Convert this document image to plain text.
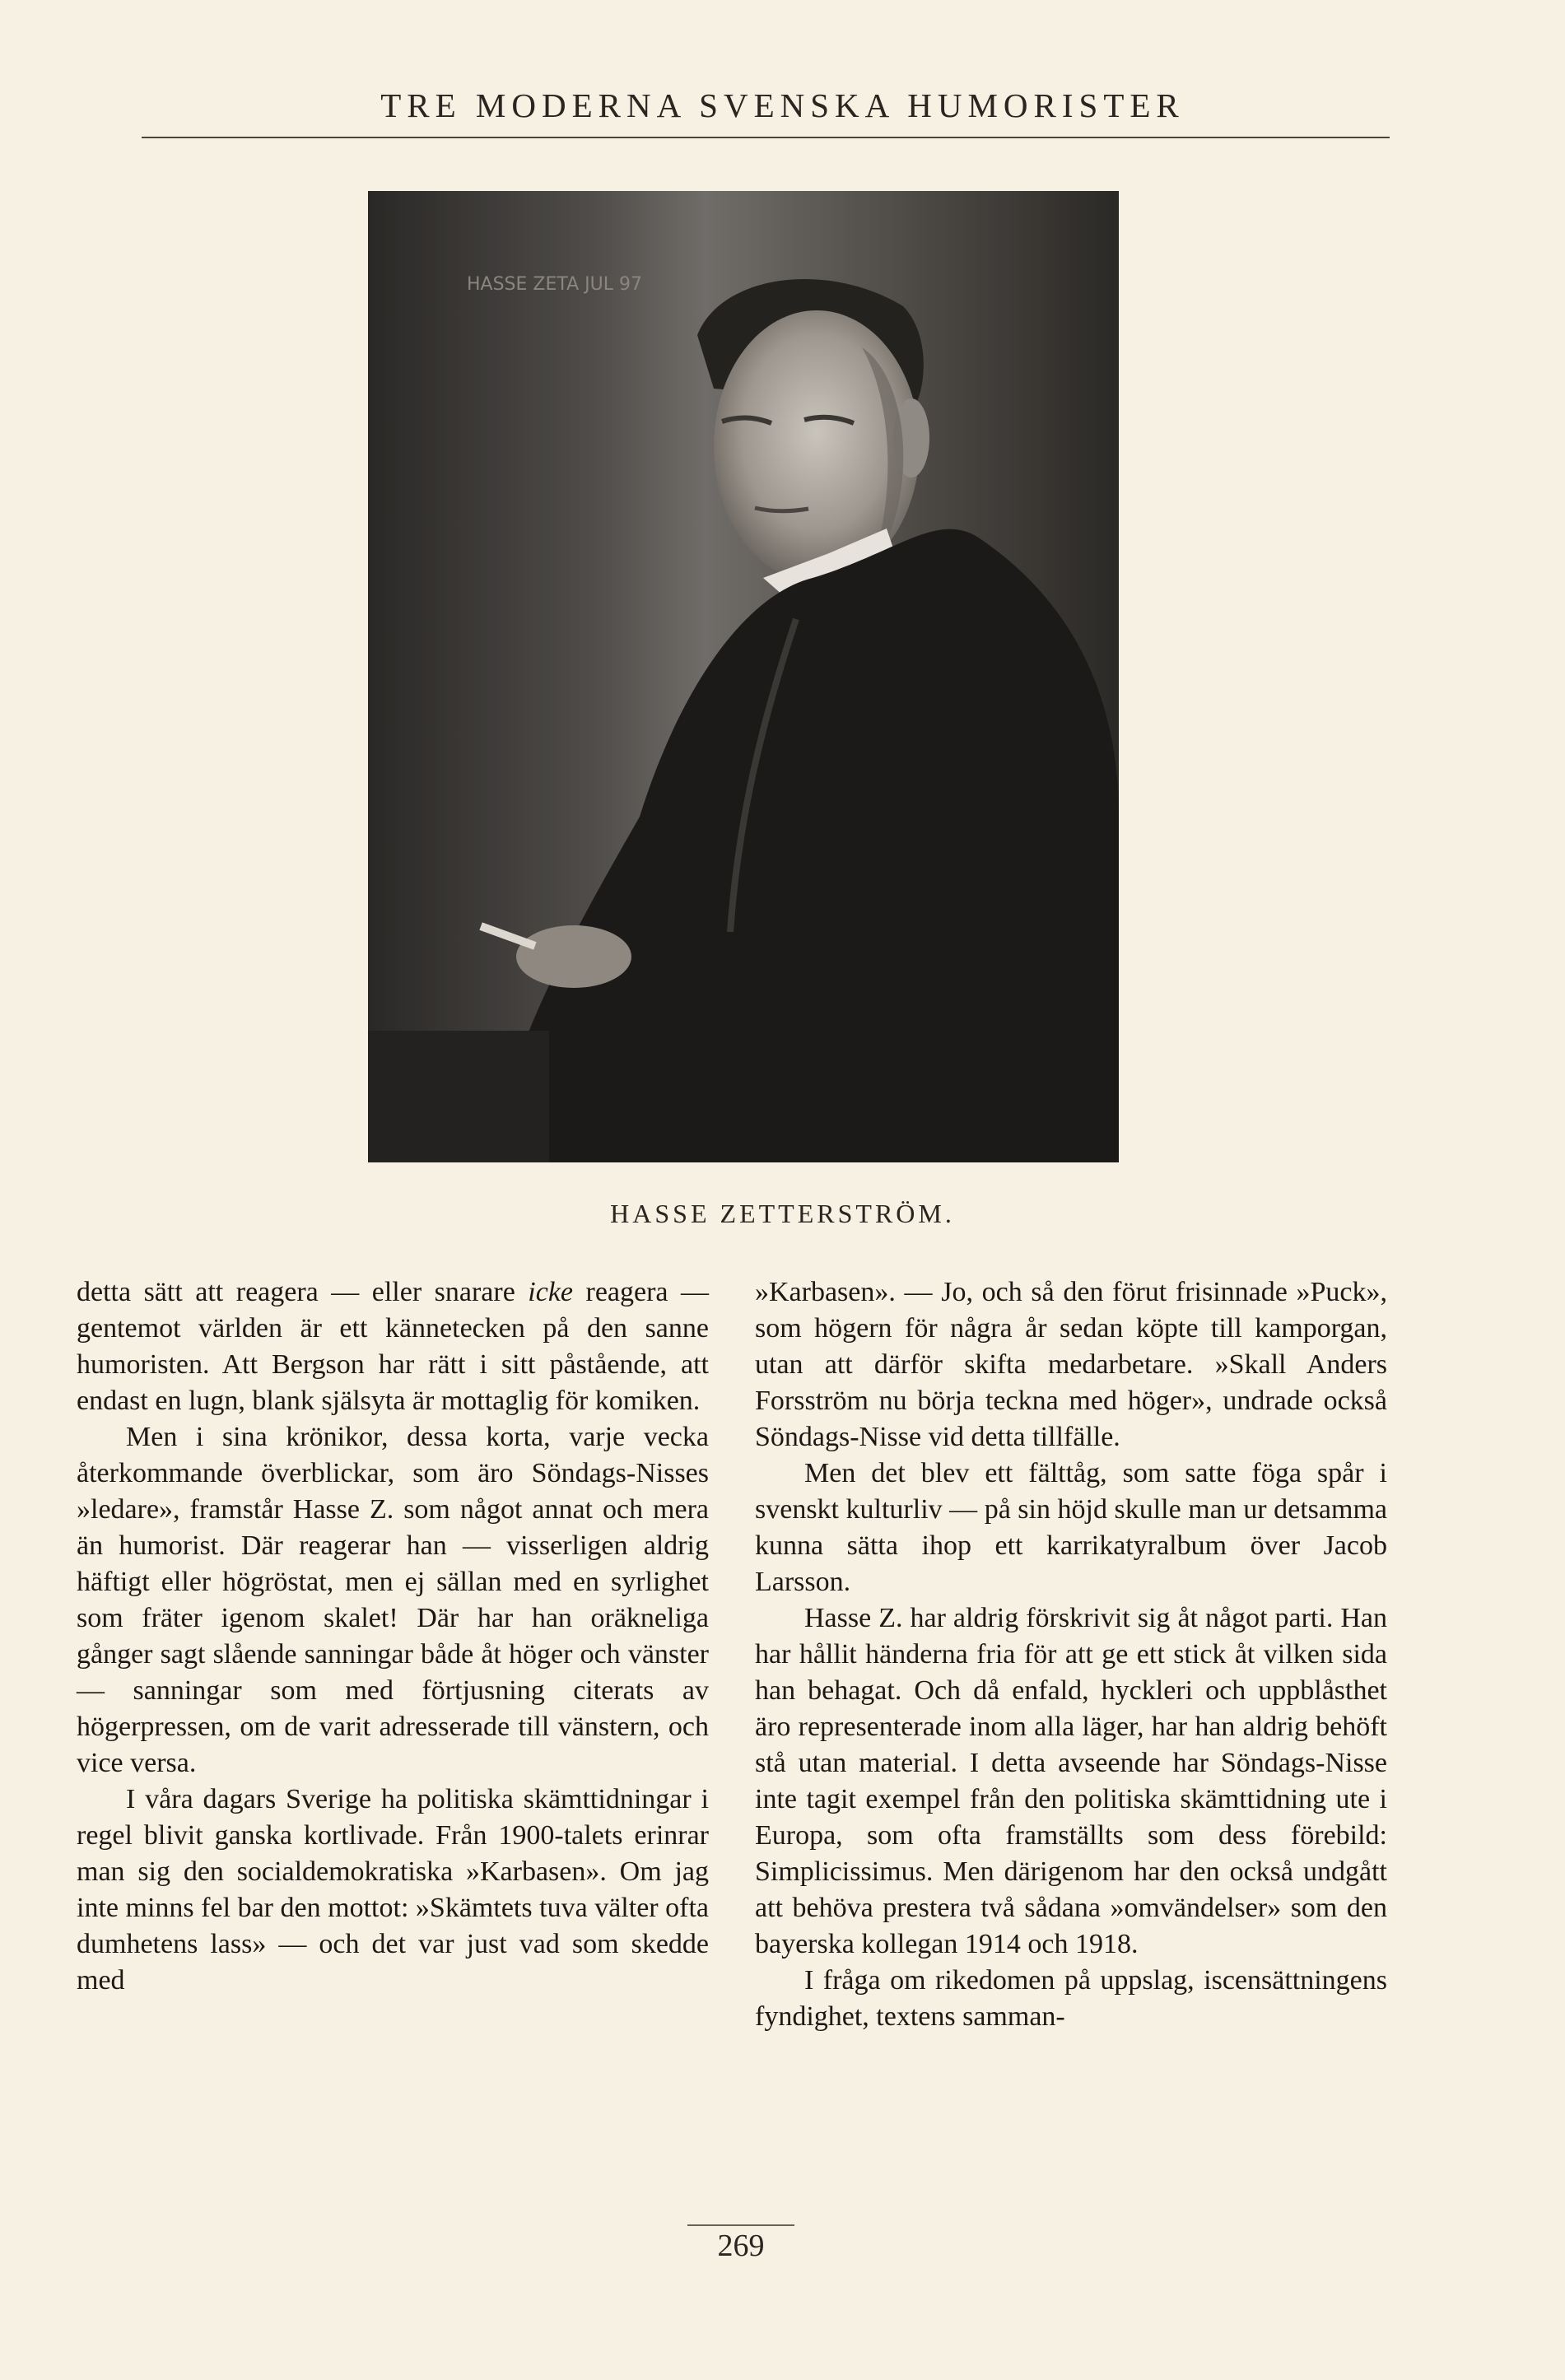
TRE MODERNA SVENSKA HUMORISTER
HASSE ZETA JUL 97
HASSE ZETTERSTRÖM.

detta sätt att reagera — eller snarare icke reagera — gentemot världen är ett kännetecken på den sanne humoristen. Att Bergson har rätt i sitt påstående, att endast en lugn, blank själsyta är mottaglig för komiken.

Men i sina krönikor, dessa korta, varje vecka återkommande överblickar, som äro Söndags-Nisses »ledare», framstår Hasse Z. som något annat och mera än humorist. Där reagerar han — visserligen aldrig häftigt eller högröstat, men ej sällan med en syrlighet som fräter igenom skalet! Där har han oräkneliga gånger sagt slående sanningar både åt höger och vänster — sanningar som med förtjusning citerats av högerpressen, om de varit adresserade till vänstern, och vice versa.

I våra dagars Sverige ha politiska skämttidningar i regel blivit ganska kortlivade. Från 1900-talets erinrar man sig den socialdemokratiska »Karbasen». Om jag inte minns fel bar den mottot: »Skämtets tuva välter ofta dumhetens lass» — och det var just vad som skedde med

»Karbasen». — Jo, och så den förut frisinnade »Puck», som högern för några år sedan köpte till kamporgan, utan att därför skifta medarbetare. »Skall Anders Forsström nu börja teckna med höger», undrade också Söndags-Nisse vid detta tillfälle.

Men det blev ett fälttåg, som satte föga spår i svenskt kulturliv — på sin höjd skulle man ur detsamma kunna sätta ihop ett karrikatyralbum över Jacob Larsson.

Hasse Z. har aldrig förskrivit sig åt något parti. Han har hållit händerna fria för att ge ett stick åt vilken sida han behagat. Och då enfald, hyckleri och uppblåsthet äro representerade inom alla läger, har han aldrig behöft stå utan material. I detta avseende har Söndags-Nisse inte tagit exempel från den politiska skämttidning ute i Europa, som ofta framställts som dess förebild: Simplicissimus. Men därigenom har den också undgått att behöva prestera två sådana »omvändelser» som den bayerska kollegan 1914 och 1918.

I fråga om rikedomen på uppslag, iscensättningens fyndighet, textens samman-

269
